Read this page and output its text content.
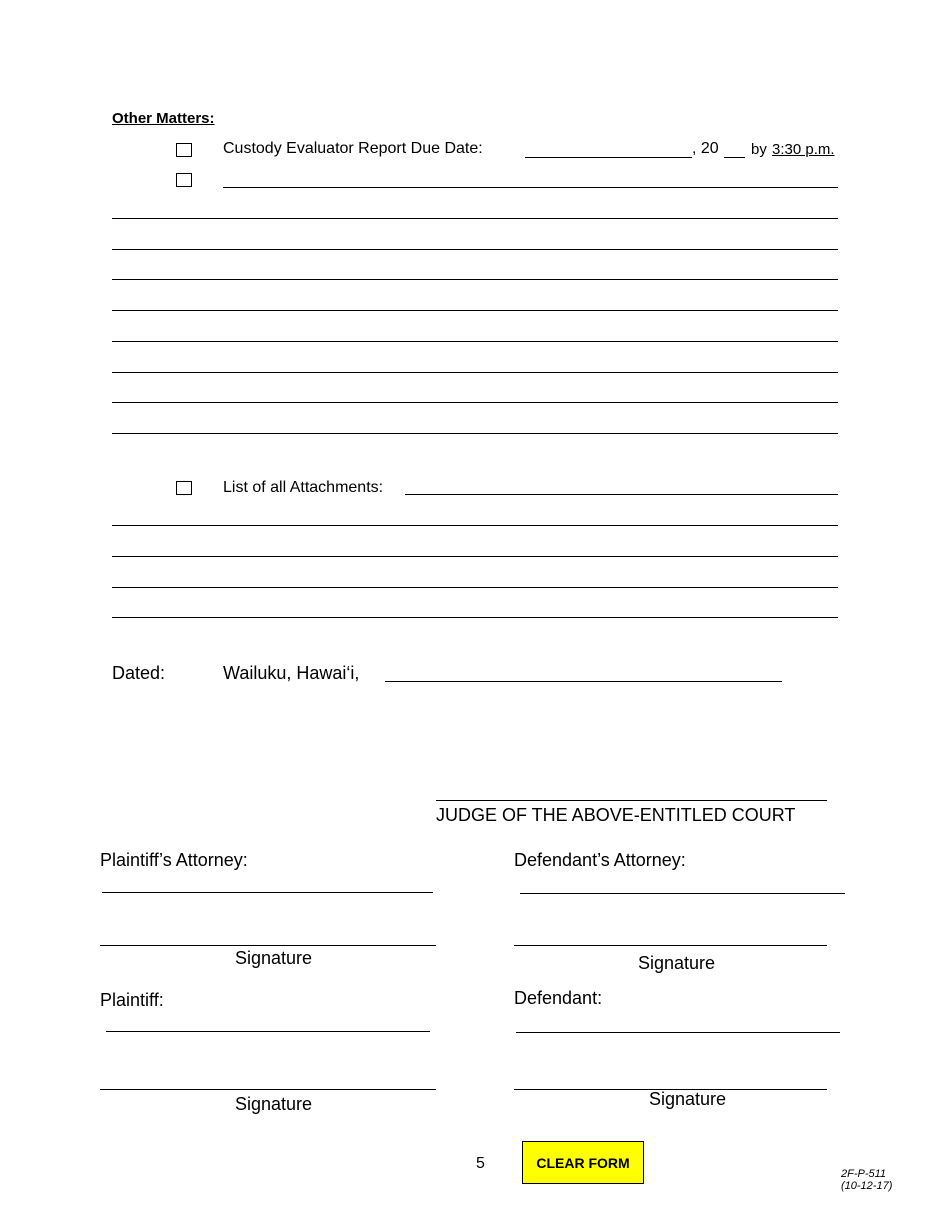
Other Matters:
Custody Evaluator Report Due Date:	, 20 by 3:30 p.m.
List of all Attachments:
Dated:	Wailuku, Hawai‘i,
JUDGE OF THE ABOVE-ENTITLED COURT
Plaintiff’s Attorney:
Signature
Defendant’s Attorney:
Signature
Plaintiff:
Signature
Defendant:
Signature
5	CLEAR FORM
2F-P-511
(10-12-17)
